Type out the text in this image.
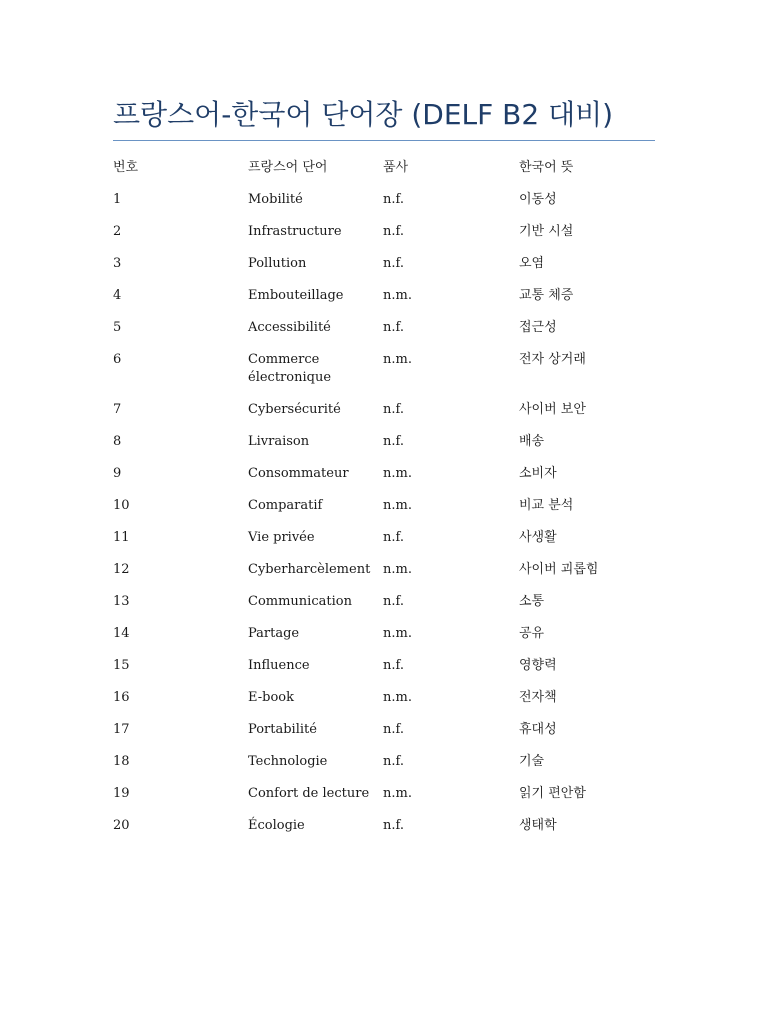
프랑스어-한국어 단어장 (DELF B2 대비)
번호	프랑스어 단어	품사	한국어 뜻
1	Mobilité	n.f.	이동성
2	Infrastructure	n.f.	기반 시설
3	Pollution	n.f.	오염
4	Embouteillage	n.m.	교통 체증
5	Accessibilité	n.f.	접근성
6	Commerce électronique	n.m.	전자 상거래
7	Cybersécurité	n.f.	사이버 보안
8	Livraison	n.f.	배송
9	Consommateur	n.m.	소비자
10	Comparatif	n.m.	비교 분석
11	Vie privée	n.f.	사생활
12	Cyberharcèlement	n.m.	사이버 괴롭힘
13	Communication	n.f.	소통
14	Partage	n.m.	공유
15	Influence	n.f.	영향력
16	E-book	n.m.	전자책
17	Portabilité	n.f.	휴대성
18	Technologie	n.f.	기술
19	Confort de lecture	n.m.	읽기 편안함
20	Écologie	n.f.	생태학
